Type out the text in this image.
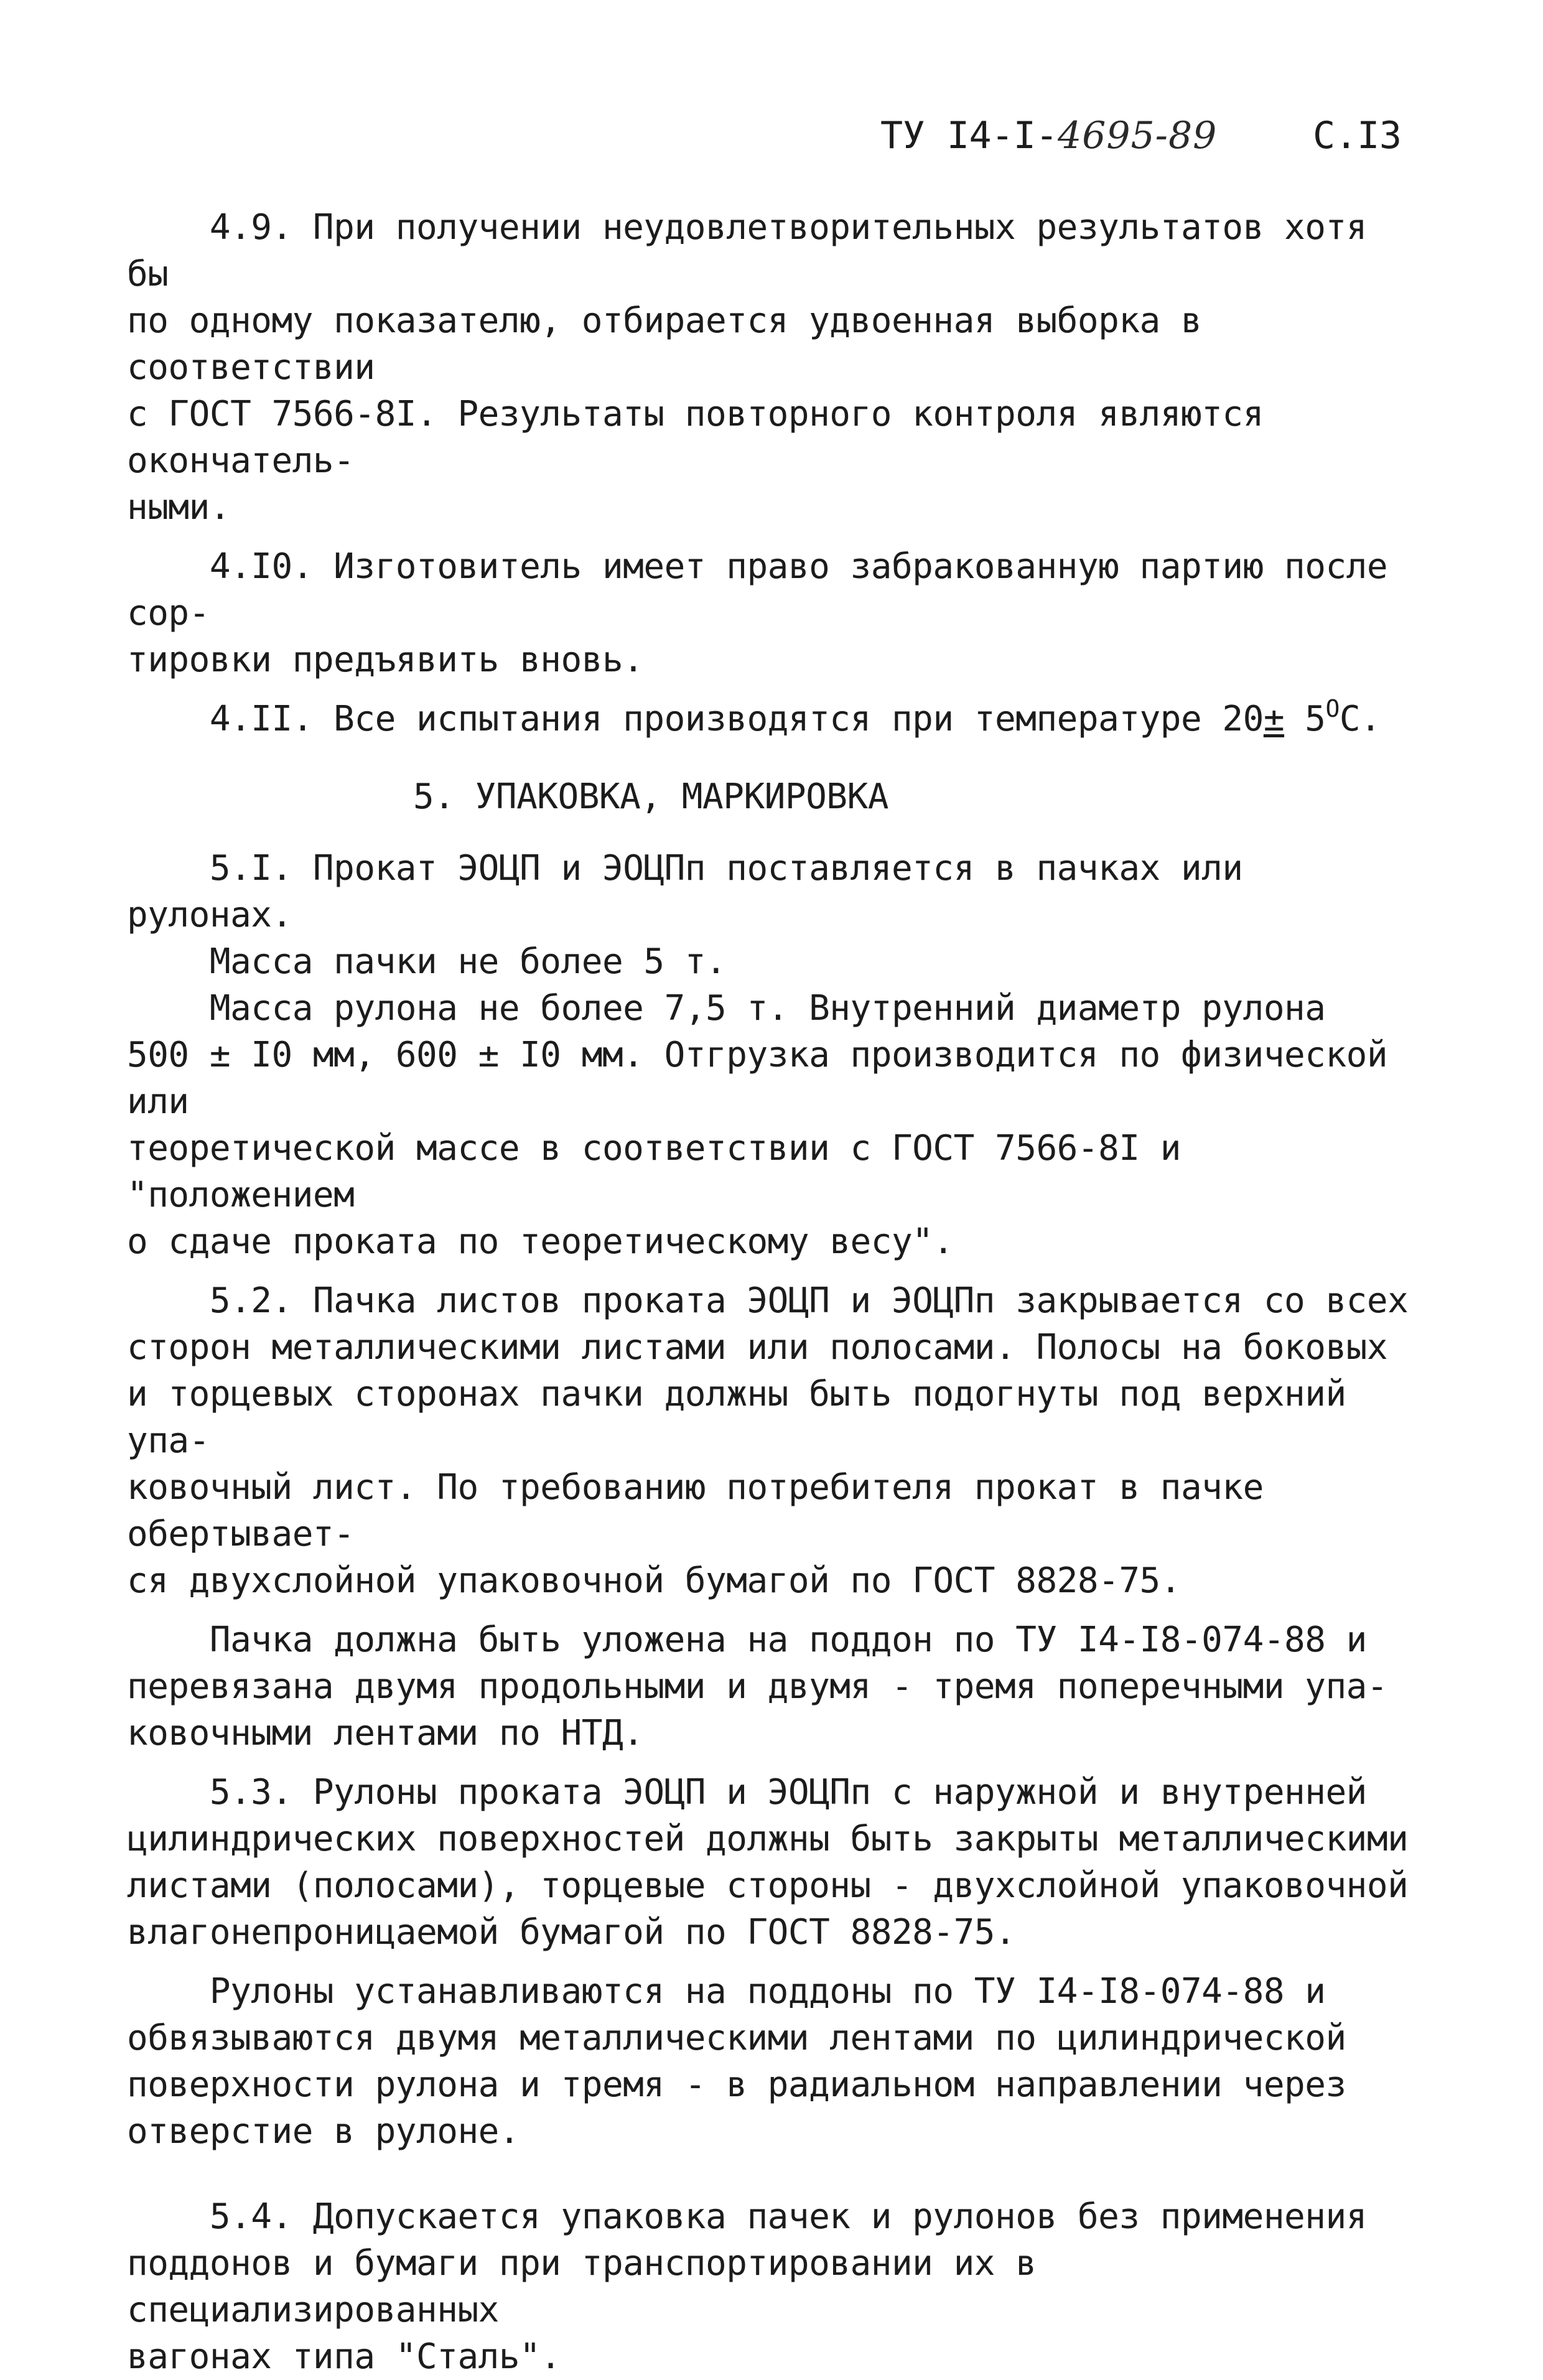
ТУ I4-I-4695-89	С.I3

4.9. При получении неудовлетворительных результатов хотя бы
по одному показателю, отбирается удвоенная выборка в соответствии
с ГОСТ 7566-8I. Результаты повторного контроля являются окончатель-
ными.

4.I0. Изготовитель имеет право забракованную партию после сор-
тировки предъявить вновь.

4.II. Все испытания производятся при температуре $20\pm 5^ОС$.

5. УПАКОВКА, МАРКИРОВКА

5.I. Прокат ЭОЦП и ЭОЦПп поставляется в пачках или рулонах.
Масса пачки не более 5 т.
Масса рулона не более 7,5 т. Внутренний диаметр рулона
500 ± I0 мм, 600 ± I0 мм. Отгрузка производится по физической или
теоретической массе в соответствии с ГОСТ 7566-8I и "положением
о сдаче проката по теоретическому весу".

5.2. Пачка листов проката ЭОЦП и ЭОЦПп закрывается со всех
сторон металлическими листами или полосами. Полосы на боковых
и торцевых сторонах пачки должны быть подогнуты под верхний упа-
ковочный лист. По требованию потребителя прокат в пачке обертывает-
ся двухслойной упаковочной бумагой по ГОСТ 8828-75.

Пачка должна быть уложена на поддон по ТУ I4-I8-074-88 и
перевязана двумя продольными и двумя - тремя поперечными упа-
ковочными лентами по НТД.

5.3. Рулоны проката ЭОЦП и ЭОЦПп с наружной и внутренней
цилиндрических поверхностей должны быть закрыты металлическими
листами (полосами), торцевые стороны - двухслойной упаковочной
влагонепроницаемой бумагой по ГОСТ 8828-75.

Рулоны устанавливаются на поддоны по ТУ I4-I8-074-88 и
обвязываются двумя металлическими лентами по цилиндрической
поверхности рулона и тремя - в радиальном направлении через
отверстие в рулоне.

5.4. Допускается упаковка пачек и рулонов без применения
поддонов и бумаги при транспортировании их в специализированных
вагонах типа "Сталь".
